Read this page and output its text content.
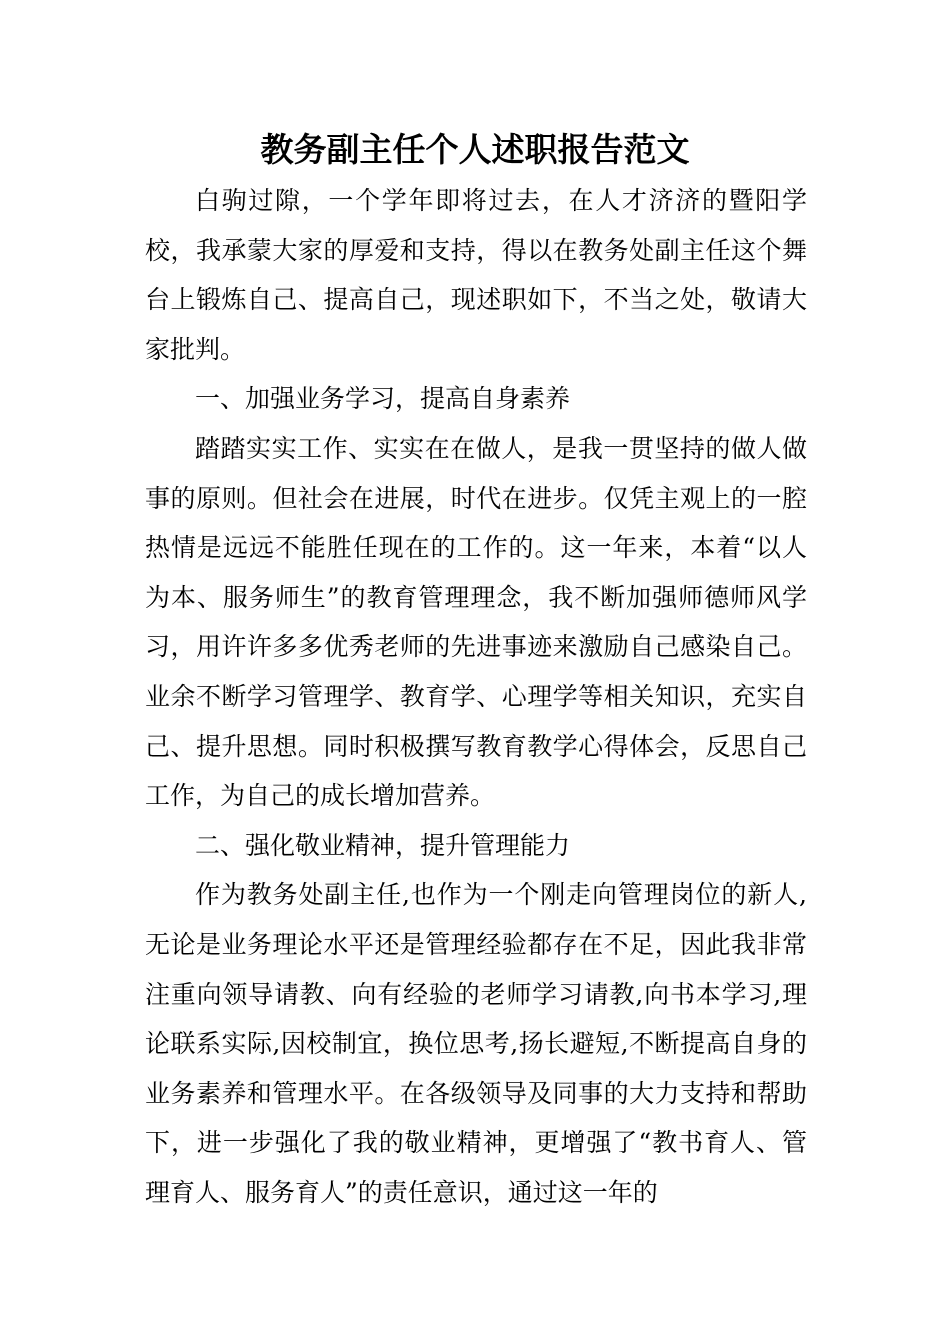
教务副主任个人述职报告范文

白驹过隙，一个学年即将过去，在人才济济的暨阳学校，我承蒙大家的厚爱和支持，得以在教务处副主任这个舞台上锻炼自己、提高自己，现述职如下，不当之处，敬请大家批判。

一、加强业务学习，提高自身素养

踏踏实实工作、实实在在做人，是我一贯坚持的做人做事的原则。但社会在进展，时代在进步。仅凭主观上的一腔热情是远远不能胜任现在的工作的。这一年来，本着“以人为本、服务师生”的教育管理理念，我不断加强师德师风学习，用许许多多优秀老师的先进事迹来激励自己感染自己。业余不断学习管理学、教育学、心理学等相关知识，充实自己、提升思想。同时积极撰写教育教学心得体会，反思自己工作，为自己的成长增加营养。

二、强化敬业精神，提升管理能力

作为教务处副主任,也作为一个刚走向管理岗位的新人,无论是业务理论水平还是管理经验都存在不足，因此我非常注重向领导请教、向有经验的老师学习请教,向书本学习,理论联系实际,因校制宜，换位思考,扬长避短,不断提高自身的业务素养和管理水平。在各级领导及同事的大力支持和帮助下，进一步强化了我的敬业精神，更增强了“教书育人、管理育人、服务育人”的责任意识，通过这一年的
